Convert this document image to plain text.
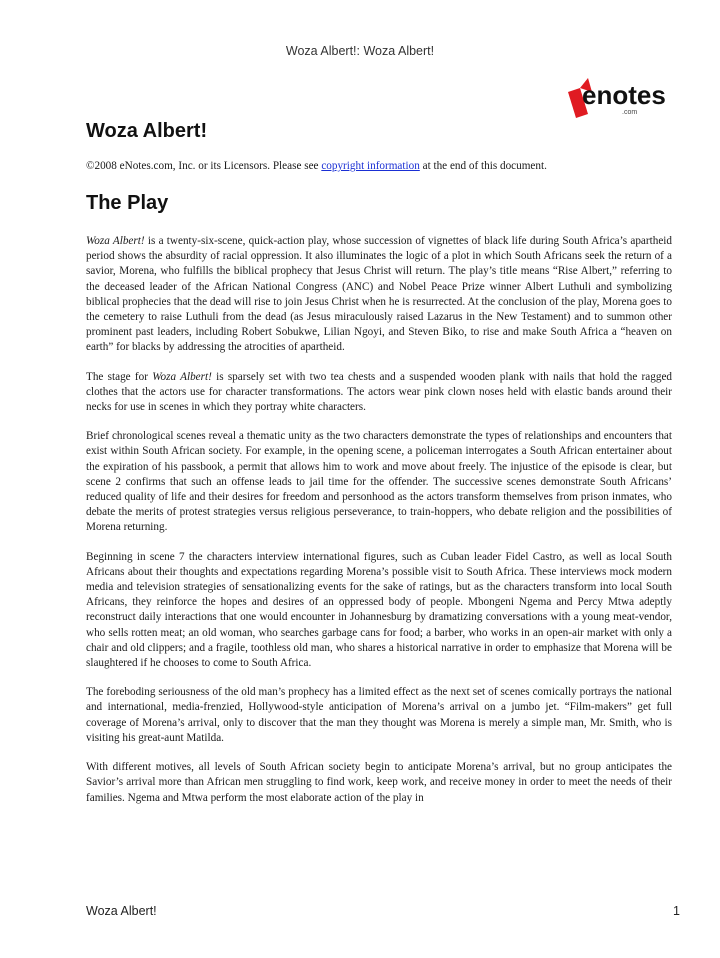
Woza Albert!: Woza Albert!
enotes
.com
Woza Albert!

©2008 eNotes.com, Inc. or its Licensors. Please see copyright information at the end of this document.

The Play

Woza Albert! is a twenty-six-scene, quick-action play, whose succession of vignettes of black life during South Africa’s apartheid period shows the absurdity of racial oppression. It also illuminates the logic of a plot in which South Africans seek the return of a savior, Morena, who fulfills the biblical prophecy that Jesus Christ will return. The play’s title means “Rise Albert,” referring to the deceased leader of the African National Congress (ANC) and Nobel Peace Prize winner Albert Luthuli and symbolizing biblical prophecies that the dead will rise to join Jesus Christ when he is resurrected. At the conclusion of the play, Morena goes to the cemetery to raise Luthuli from the dead (as Jesus miraculously raised Lazarus in the New Testament) and to summon other prominent past leaders, including Robert Sobukwe, Lilian Ngoyi, and Steven Biko, to rise and make South Africa a “heaven on earth” for blacks by addressing the atrocities of apartheid.

The stage for Woza Albert! is sparsely set with two tea chests and a suspended wooden plank with nails that hold the ragged clothes that the actors use for character transformations. The actors wear pink clown noses held with elastic bands around their necks for use in scenes in which they portray white characters.

Brief chronological scenes reveal a thematic unity as the two characters demonstrate the types of relationships and encounters that exist within South African society. For example, in the opening scene, a policeman interrogates a South African entertainer about the expiration of his passbook, a permit that allows him to work and move about freely. The injustice of the episode is clear, but scene 2 confirms that such an offense leads to jail time for the offender. The successive scenes demonstrate South Africans’ reduced quality of life and their desires for freedom and personhood as the actors transform themselves from prison inmates, who debate the merits of protest strategies versus religious perseverance, to train-hoppers, who debate religion and the possibilities of Morena returning.

Beginning in scene 7 the characters interview international figures, such as Cuban leader Fidel Castro, as well as local South Africans about their thoughts and expectations regarding Morena’s possible visit to South Africa. These interviews mock modern media and television strategies of sensationalizing events for the sake of ratings, but as the characters transform into local South Africans, they reinforce the hopes and desires of an oppressed body of people. Mbongeni Ngema and Percy Mtwa adeptly reconstruct daily interactions that one would encounter in Johannesburg by dramatizing conversations with a young meat-vendor, who sells rotten meat; an old woman, who searches garbage cans for food; a barber, who works in an open-air market with only a chair and old clippers; and a fragile, toothless old man, who shares a historical narrative in order to emphasize that Morena will be slaughtered if he chooses to come to South Africa.

The foreboding seriousness of the old man’s prophecy has a limited effect as the next set of scenes comically portrays the national and international, media-frenzied, Hollywood-style anticipation of Morena’s arrival on a jumbo jet. “Film-makers” get full coverage of Morena’s arrival, only to discover that the man they thought was Morena is merely a simple man, Mr. Smith, who is visiting his great-aunt Matilda.

With different motives, all levels of South African society begin to anticipate Morena’s arrival, but no group anticipates the Savior’s arrival more than African men struggling to find work, keep work, and receive money in order to meet the needs of their families. Ngema and Mtwa perform the most elaborate action of the play in

Woza Albert!	1
